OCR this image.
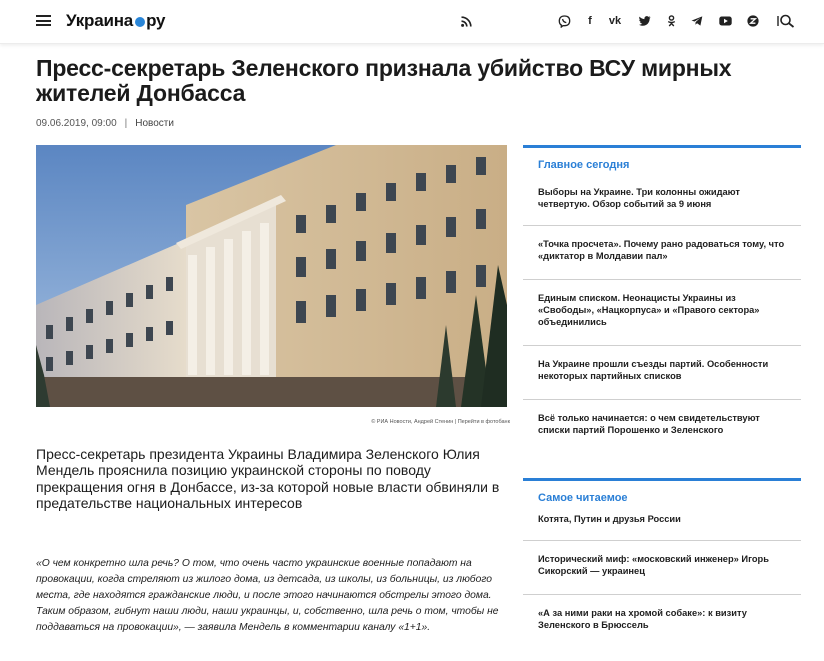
Украина ру	f	vk
Пресс-секретарь Зеленского признала убийство ВСУ мирных жителей Донбасса
09.06.2019, 09:00 | Новости
© РИА Новости, Андрей Стенин | Перейти в фотобанк

Пресс-секретарь президента Украины Владимира Зеленского Юлия Мендель прояснила позицию украинской стороны по поводу прекращения огня в Донбассе, из-за которой новые власти обвиняли в предательстве национальных интересов

«О чем конкретно шла речь? О том, что очень часто украинские военные попадают на провокации, когда стреляют из жилого дома, из детсада, из школы, из больницы, из любого места, где находятся гражданские люди, и после этого начинаются обстрелы этого дома. Таким образом, гибнут наши люди, наши украинцы, и, собственно, шла речь о том, чтобы не поддаваться на провокации», — заявила Мендель в комментарии каналу «1+1».

Главное сегодня
Выборы на Украине. Три колонны ожидают четвертую. Обзор событий за 9 июня
«Точка просчета». Почему рано радоваться тому, что «диктатор в Молдавии пал»
Единым списком. Неонацисты Украины из «Свободы», «Нацкорпуса» и «Правого сектора» объединились
На Украине прошли съезды партий. Особенности некоторых партийных списков
Всё только начинается: о чем свидетельствуют списки партий Порошенко и Зеленского
Самое читаемое
Котята, Путин и друзья России
Исторический миф: «московский инженер» Игорь Сикорский — украинец
«А за ними раки на хромой собаке»: к визиту Зеленского в Брюссель
